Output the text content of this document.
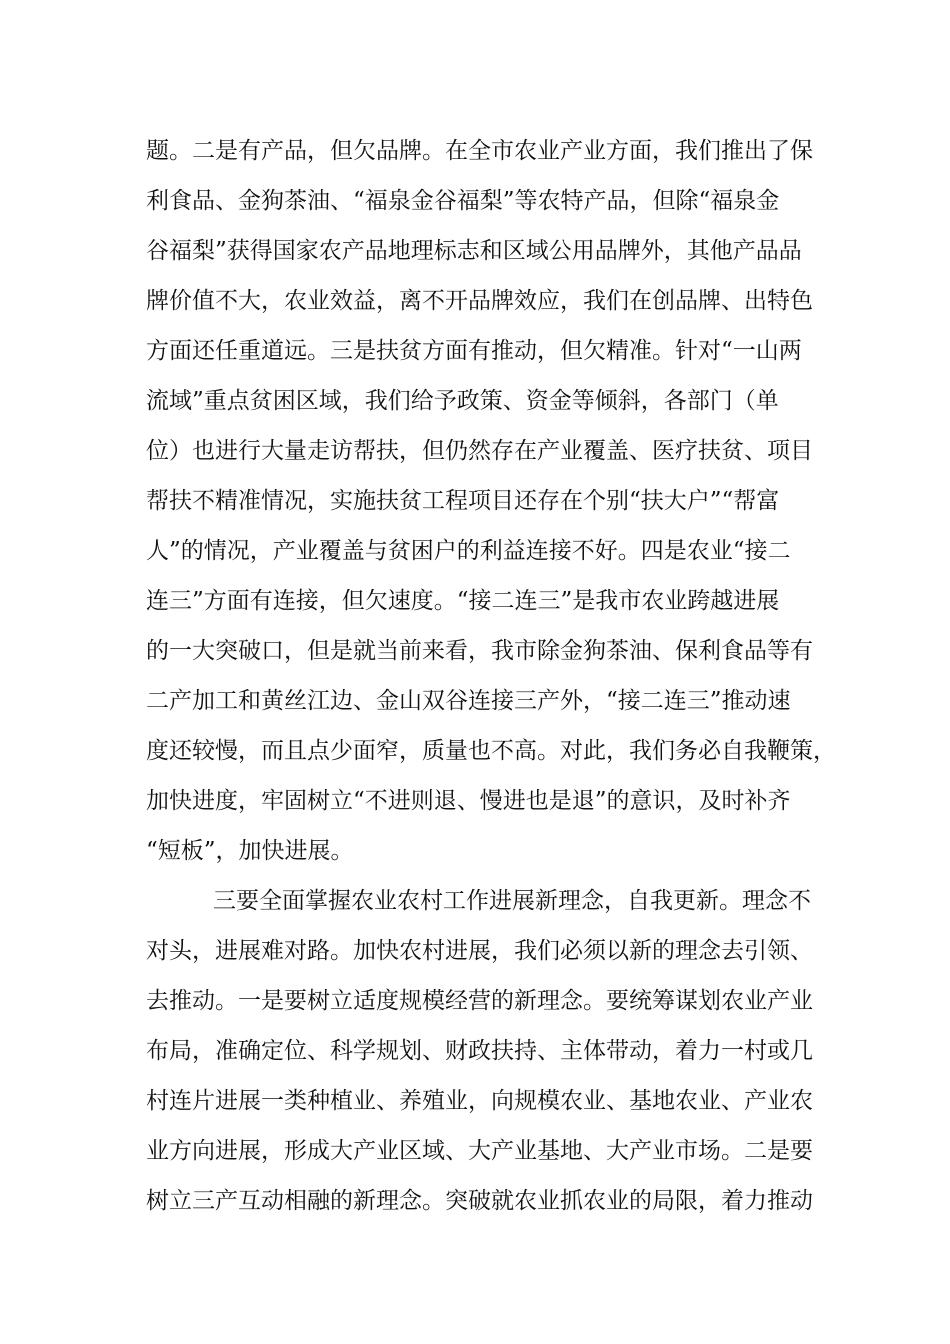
题。二是有产品，但欠品牌。在全市农业产业方面，我们推出了保
利食品、金狗茶油、“福泉金谷福梨”等农特产品，但除“福泉金
谷福梨”获得国家农产品地理标志和区域公用品牌外，其他产品品
牌价值不大，农业效益，离不开品牌效应，我们在创品牌、出特色
方面还任重道远。三是扶贫方面有推动，但欠精准。针对“一山两
流域”重点贫困区域，我们给予政策、资金等倾斜，各部门（单
位）也进行大量走访帮扶，但仍然存在产业覆盖、医疗扶贫、项目
帮扶不精准情况，实施扶贫工程项目还存在个别“扶大户”“帮富
人”的情况，产业覆盖与贫困户的利益连接不好。四是农业“接二
连三”方面有连接，但欠速度。“接二连三”是我市农业跨越进展
的一大突破口，但是就当前来看，我市除金狗茶油、保利食品等有
二产加工和黄丝江边、金山双谷连接三产外，“接二连三”推动速
度还较慢，而且点少面窄，质量也不高。对此，我们务必自我鞭策，
加快进度，牢固树立“不进则退、慢进也是退”的意识，及时补齐
“短板”，加快进展。
三要全面掌握农业农村工作进展新理念，自我更新。理念不
对头，进展难对路。加快农村进展，我们必须以新的理念去引领、
去推动。一是要树立适度规模经营的新理念。要统筹谋划农业产业
布局，准确定位、科学规划、财政扶持、主体带动，着力一村或几
村连片进展一类种植业、养殖业，向规模农业、基地农业、产业农
业方向进展，形成大产业区域、大产业基地、大产业市场。二是要
树立三产互动相融的新理念。突破就农业抓农业的局限，着力推动
